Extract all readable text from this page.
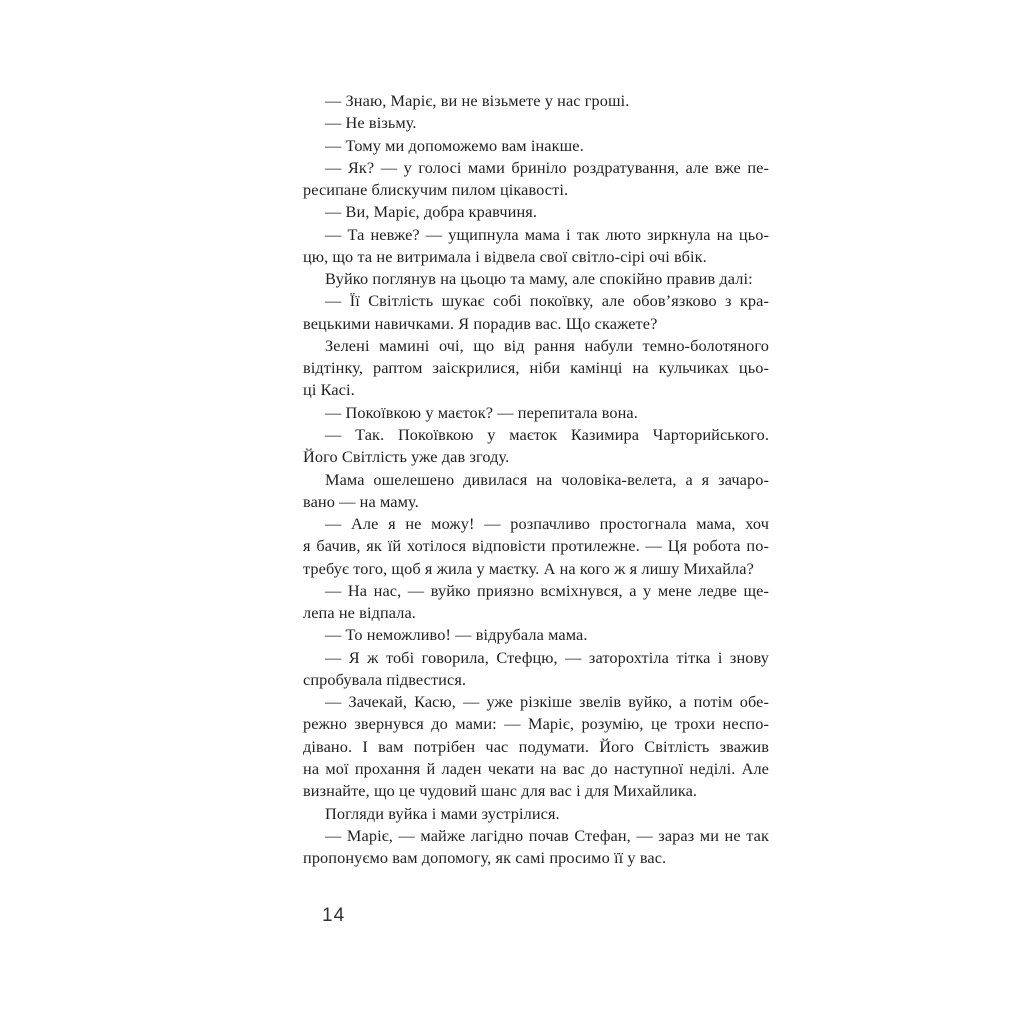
— Знаю, Маріє, ви не візьмете у нас гроші.
— Не візьму.
— Тому ми допоможемо вам інакше.
— Як? — у голосі мами бриніло роздратування, але вже пе-
ресипане блискучим пилом цікавості.
— Ви, Маріє, добра кравчиня.
— Та невже? — ущипнула мама і так люто зиркнула на цьо-
цю, що та не витримала і відвела свої світло-сірі очі вбік.
Вуйко поглянув на цьоцю та маму, але спокійно правив далі:
— Її Світлість шукає собі покоївку, але обов’язково з кра-
вецькими навичками. Я порадив вас. Що скажете?
Зелені мамині очі, що від рання набули темно-болотяного
відтінку, раптом заіскрилися, ніби камінці на кульчиках цьо-
ці Касі.
— Покоївкою у маєток? — перепитала вона.
— Так. Покоївкою у маєток Казимира Чарторийського.
Його Світлість уже дав згоду.
Мама ошелешено дивилася на чоловіка-велета, а я зачаро-
вано — на маму.
— Але я не можу! — розпачливо простогнала мама, хоч
я бачив, як їй хотілося відповісти протилежне. — Ця робота по-
требує того, щоб я жила у маєтку. А на кого ж я лишу Михайла?
— На нас, — вуйко приязно всміхнувся, а у мене ледве ще-
лепа не відпала.
— То неможливо! — відрубала мама.
— Я ж тобі говорила, Стефцю, — заторохтіла тітка і знову
спробувала підвестися.
— Зачекай, Касю, — уже різкіше звелів вуйко, а потім обе-
режно звернувся до мами: — Маріє, розумію, це трохи неспо-
дівано. І вам потрібен час подумати. Його Світлість зважив
на мої прохання й ладен чекати на вас до наступної неділі. Але
визнайте, що це чудовий шанс для вас і для Михайлика.
Погляди вуйка і мами зустрілися.
— Маріє, — майже лагідно почав Стефан, — зараз ми не так
пропонуємо вам допомогу, як самі просимо її у вас.
14
